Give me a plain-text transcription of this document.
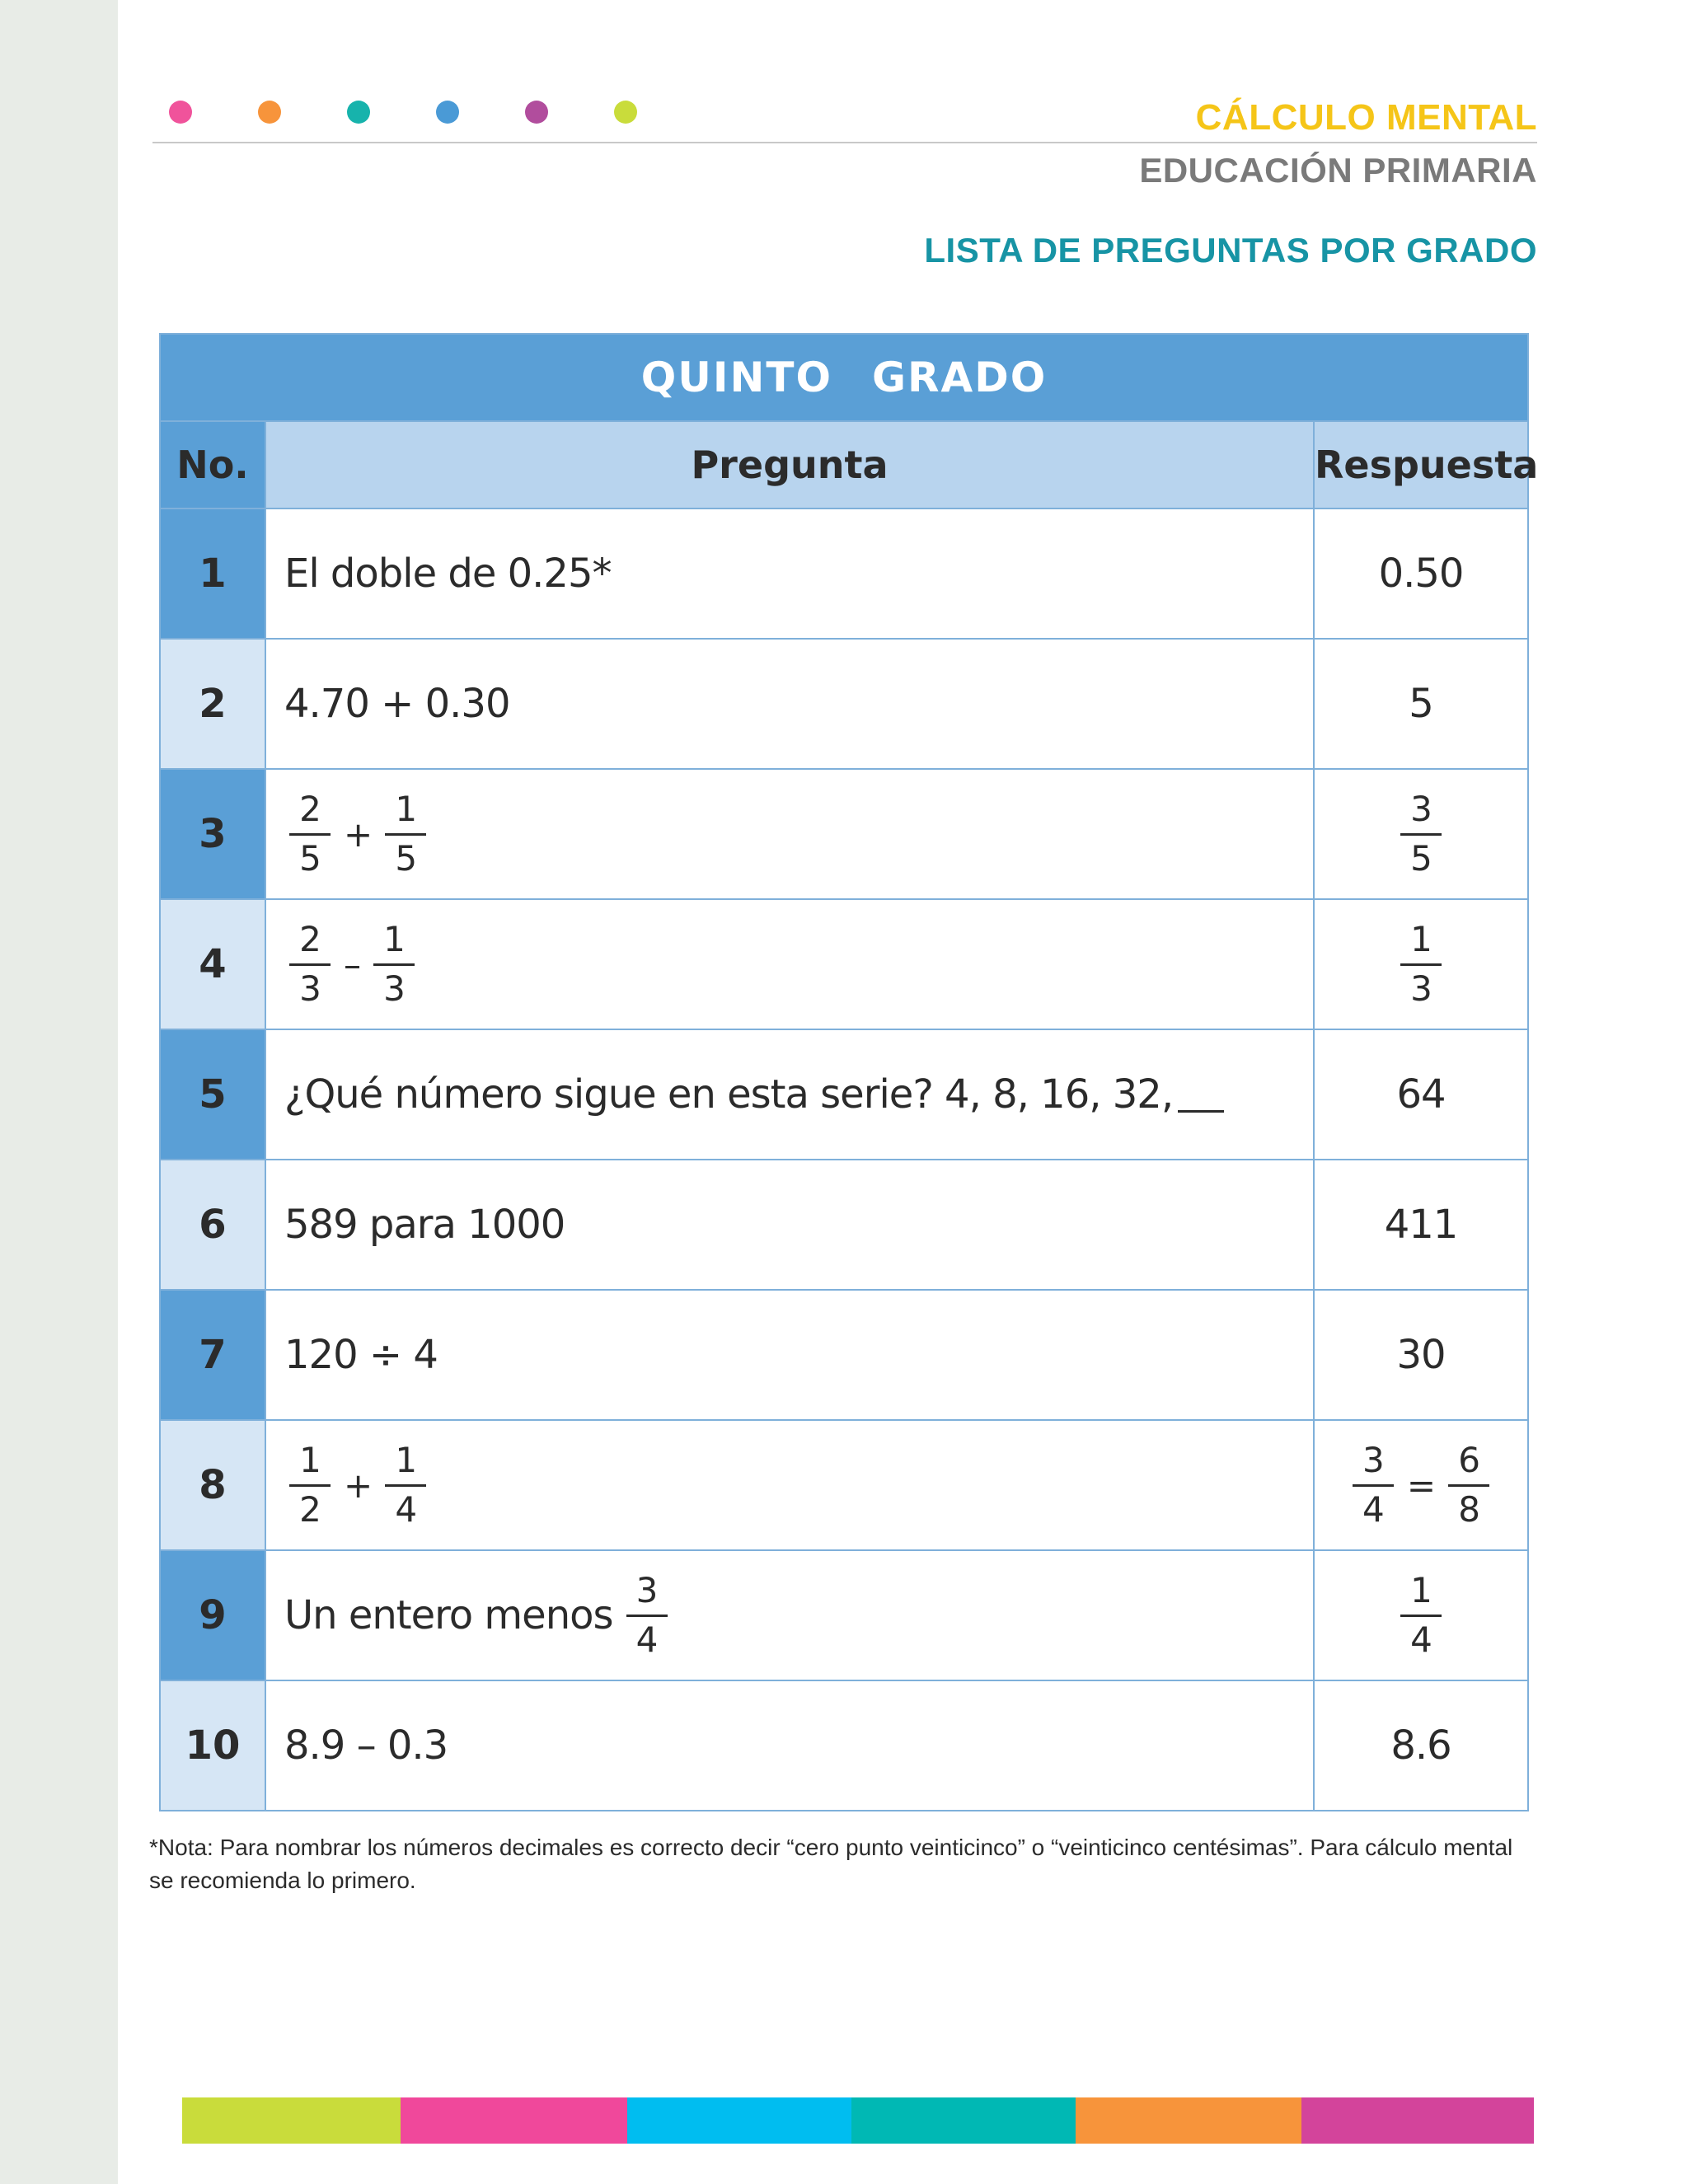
CÁLCULO MENTAL
EDUCACIÓN PRIMARIA
LISTA DE PREGUNTAS POR GRADO
QUINTO GRADO		
No.	Pregunta	Respuesta
1	El doble de 0.25*	0.50
2	4.70 + 0.30	5
3	$\frac{2}{5} + \frac{1}{5}$	$\frac{3}{5}$

4	$\frac{2}{3} - \frac{1}{3}$	$\frac{1}{3}$

5	¿Qué número sigue en esta serie? 4, 8, 16, 32,	64
6	589 para 1000	411
7	120 ÷ 4	30
8	$\frac{1}{2} + \frac{1}{4}$	$\frac{3}{4} = \frac{6}{8}$

9	Un entero menos $\frac{3}{4}$	$\frac{1}{4}$

10	8.9 – 0.3	8.6
*Nota: Para nombrar los números decimales es correcto decir “cero punto veinticinco” o “veinticinco centésimas”. Para cálculo mental se recomienda lo primero.
